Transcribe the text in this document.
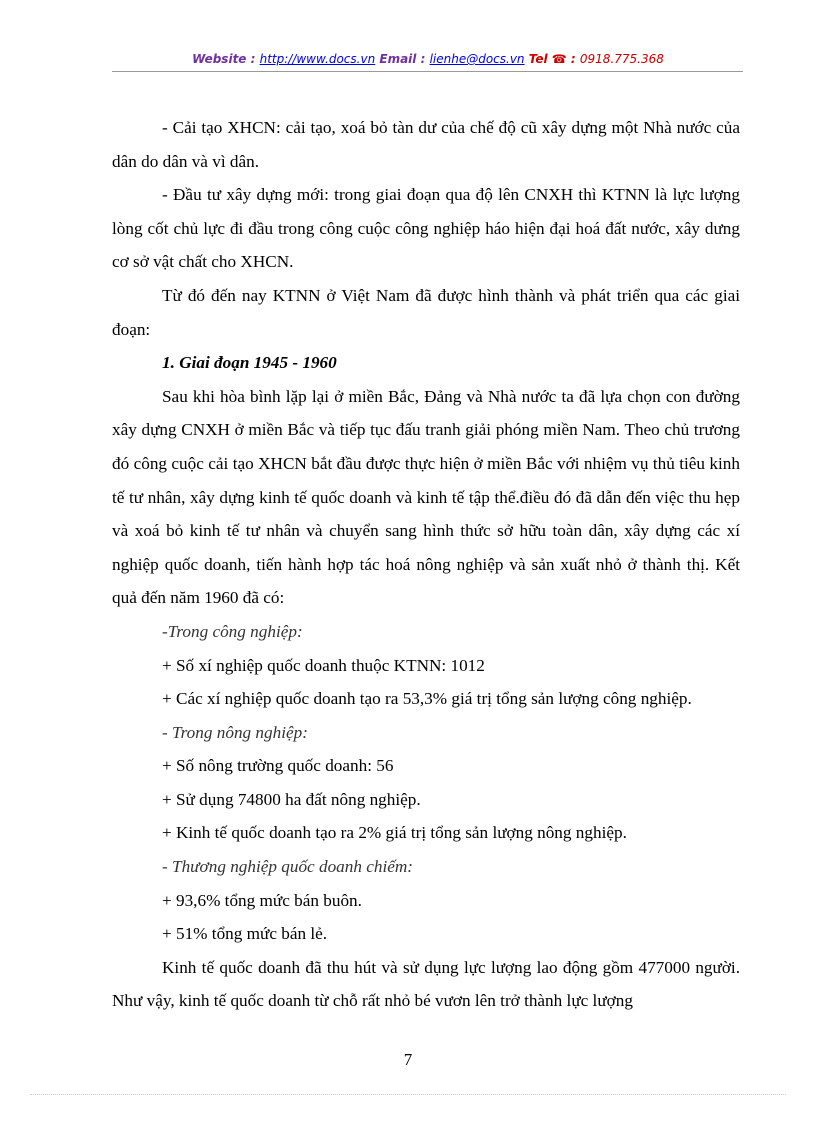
Website : http://www.docs.vn Email : lienhe@docs.vn Tel ☎ : 0918.775.368

- Cải tạo XHCN: cải tạo, xoá bỏ tàn dư của chế độ cũ xây dựng một Nhà nước của dân do dân và vì dân.

- Đầu tư xây dựng mới: trong giai đoạn qua độ lên CNXH thì KTNN là lực lượng lòng cốt chủ lực đi đầu trong công cuộc công nghiệp háo hiện đại hoá đất nước, xây dưng cơ sở vật chất cho XHCN.

Từ đó đến nay KTNN ở Việt Nam đã được hình thành và phát triển qua các giai đoạn:

1. Giai đoạn 1945 - 1960

Sau khi hòa bình lặp lại ở miền Bắc, Đảng và Nhà nước ta đã lựa chọn con đường xây dựng CNXH ở miền Bắc và tiếp tục đấu tranh giải phóng miền Nam. Theo chủ trương đó công cuộc cải tạo XHCN bắt đầu được thực hiện ở miền Bắc với nhiệm vụ thủ tiêu kinh tế tư nhân, xây dựng kinh tế quốc doanh và kinh tế tập thể.điều đó đã dẫn đến việc thu hẹp và xoá bỏ kinh tế tư nhân và chuyển sang hình thức sở hữu toàn dân, xây dựng các xí nghiệp quốc doanh, tiến hành hợp tác hoá nông nghiệp và sản xuất nhỏ ở thành thị. Kết quả đến năm 1960 đã có:

-Trong công nghiệp:

+ Số xí nghiệp quốc doanh thuộc KTNN: 1012

+ Các xí nghiệp quốc doanh tạo ra 53,3% giá trị tổng sản lượng công nghiệp.

- Trong nông nghiệp:

+ Số nông trường quốc doanh: 56

+ Sử dụng 74800 ha đất nông nghiệp.

+ Kinh tế quốc doanh tạo ra 2% giá trị tổng sản lượng nông nghiệp.

- Thương nghiệp quốc doanh chiếm:

+ 93,6% tổng mức bán buôn.

+ 51% tổng mức bán lẻ.

Kinh tế quốc doanh đã thu hút và sử dụng lực lượng lao động gồm 477000 người. Như vậy, kinh tế quốc doanh từ chỗ rất nhỏ bé vươn lên trở thành lực lượng

7
